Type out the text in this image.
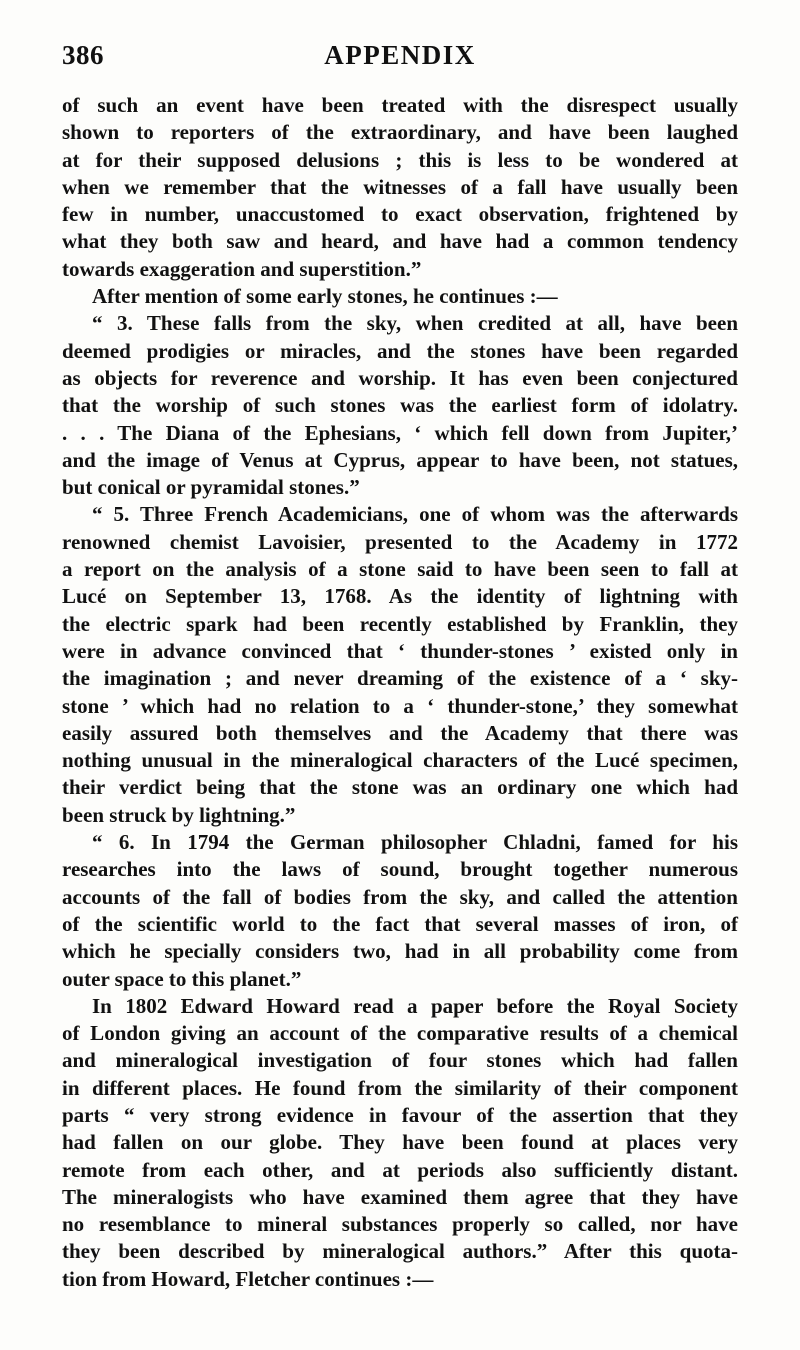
386	APPENDIX
of such an event have been treated with the disrespect usually
shown to reporters of the extraordinary, and have been laughed
at for their supposed delusions ; this is less to be wondered at
when we remember that the witnesses of a fall have usually been
few in number, unaccustomed to exact observation, frightened by
what they both saw and heard, and have had a common tendency
towards exaggeration and superstition.”
After mention of some early stones, he continues :—
“ 3. These falls from the sky, when credited at all, have been
deemed prodigies or miracles, and the stones have been regarded
as objects for reverence and worship. It has even been conjectured
that the worship of such stones was the earliest form of idolatry.
. . . The Diana of the Ephesians, ‘ which fell down from Jupiter,’
and the image of Venus at Cyprus, appear to have been, not statues,
but conical or pyramidal stones.”
“ 5. Three French Academicians, one of whom was the afterwards
renowned chemist Lavoisier, presented to the Academy in 1772
a report on the analysis of a stone said to have been seen to fall at
Lucé on September 13, 1768. As the identity of lightning with
the electric spark had been recently established by Franklin, they
were in advance convinced that ‘ thunder-stones ’ existed only in
the imagination ; and never dreaming of the existence of a ‘ sky-
stone ’ which had no relation to a ‘ thunder-stone,’ they somewhat
easily assured both themselves and the Academy that there was
nothing unusual in the mineralogical characters of the Lucé specimen,
their verdict being that the stone was an ordinary one which had
been struck by lightning.”
“ 6. In 1794 the German philosopher Chladni, famed for his
researches into the laws of sound, brought together numerous
accounts of the fall of bodies from the sky, and called the attention
of the scientific world to the fact that several masses of iron, of
which he specially considers two, had in all probability come from
outer space to this planet.”
In 1802 Edward Howard read a paper before the Royal Society
of London giving an account of the comparative results of a chemical
and mineralogical investigation of four stones which had fallen
in different places. He found from the similarity of their component
parts “ very strong evidence in favour of the assertion that they
had fallen on our globe. They have been found at places very
remote from each other, and at periods also sufficiently distant.
The mineralogists who have examined them agree that they have
no resemblance to mineral substances properly so called, nor have
they been described by mineralogical authors.” After this quota-
tion from Howard, Fletcher continues :—
